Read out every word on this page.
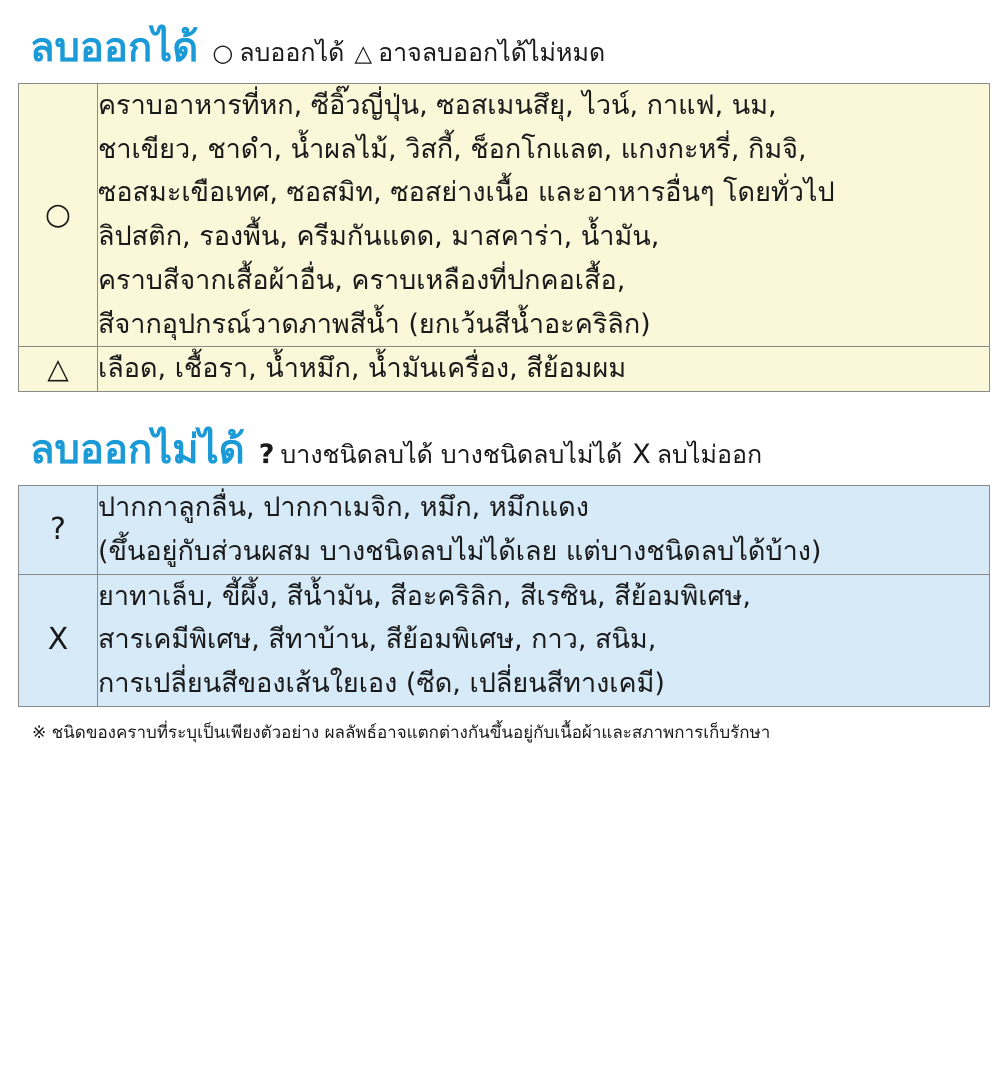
ลบออกได้ ○ ลบออกได้ △ อาจลบออกได้ไม่หมด
○	
คราบอาหารที่หก, ซีอิ๊วญี่ปุ่น, ซอสเมนสึยุ, ไวน์, กาแฟ, นม,
ชาเขียว, ชาดำ, น้ำผลไม้, วิสกี้, ช็อกโกแลต, แกงกะหรี่, กิมจิ,
ซอสมะเขือเทศ, ซอสมิท, ซอสย่างเนื้อ และอาหารอื่นๆ โดยทั่วไป
ลิปสติก, รองพื้น, ครีมกันแดด, มาสคาร่า, น้ำมัน,
คราบสีจากเสื้อผ้าอื่น, คราบเหลืองที่ปกคอเสื้อ,
สีจากอุปกรณ์วาดภาพสีน้ำ (ยกเว้นสีน้ำอะคริลิก)

△	เลือด, เชื้อรา, น้ำหมึก, น้ำมันเครื่อง, สีย้อมผม
ลบออกไม่ได้ ? บางชนิดลบได้ บางชนิดลบไม่ได้ X ลบไม่ออก
?	ปากกาลูกลื่น, ปากกาเมจิก, หมึก, หมึกแดง
(ขึ้นอยู่กับส่วนผสม บางชนิดลบไม่ได้เลย แต่บางชนิดลบได้บ้าง)

X	ยาทาเล็บ, ขี้ผึ้ง, สีน้ำมัน, สีอะคริลิก, สีเรซิน, สีย้อมพิเศษ,
สารเคมีพิเศษ, สีทาบ้าน, สีย้อมพิเศษ, กาว, สนิม,
การเปลี่ยนสีของเส้นใยเอง (ซีด, เปลี่ยนสีทางเคมี)
※ ชนิดของคราบที่ระบุเป็นเพียงตัวอย่าง ผลลัพธ์อาจแตกต่างกันขึ้นอยู่กับเนื้อผ้าและสภาพการเก็บรักษา
